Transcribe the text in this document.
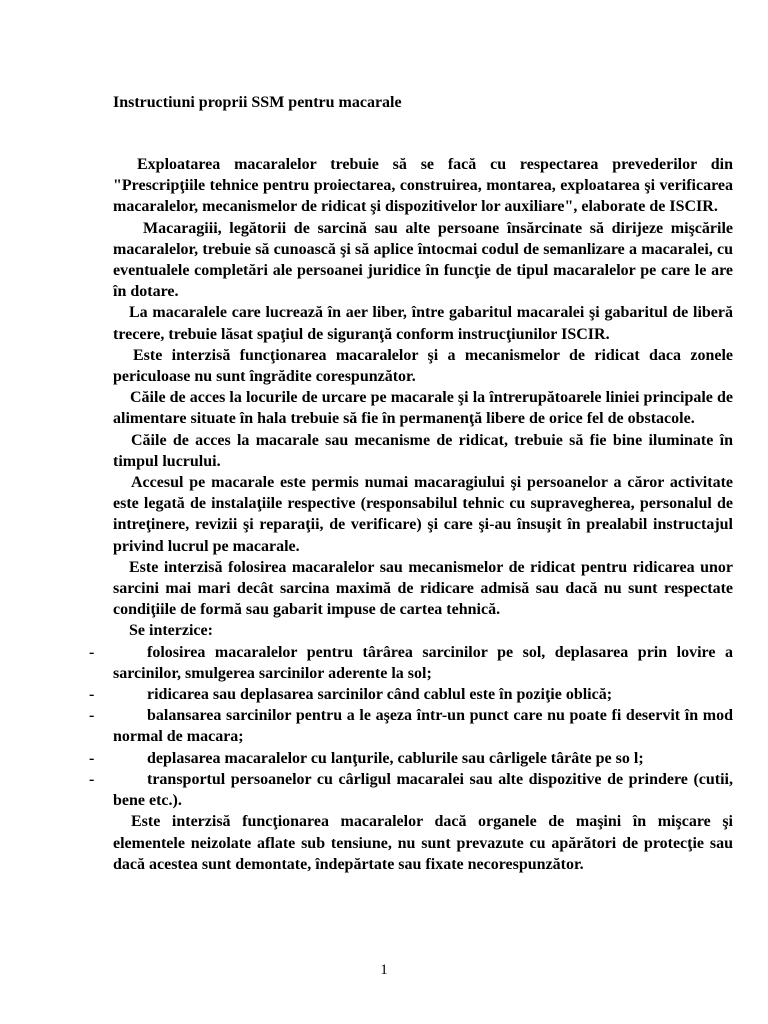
Instructiuni proprii SSM pentru macarale

Exploatarea macaralelor trebuie să se facă cu respectarea prevederilor din "Prescripţiile tehnice pentru proiectarea, construirea, montarea, exploatarea şi verificarea macaralelor, mecanismelor de ridicat şi dispozitivelor lor auxiliare", elaborate de ISCIR.

Macaragiii, legătorii de sarcină sau alte persoane însărcinate să dirijeze mişcările macaralelor, trebuie să cunoască şi să aplice întocmai codul de semanlizare a macaralei, cu eventualele completări ale persoanei juridice în funcţie de tipul macaralelor pe care le are în dotare.

La macaralele care lucrează în aer liber, între gabaritul macaralei şi gabaritul de liberă trecere, trebuie lăsat spaţiul de siguranţă conform instrucţiunilor ISCIR.

Este interzisă funcţionarea macaralelor şi a mecanismelor de ridicat daca zonele periculoase nu sunt îngrădite corespunzător.

Căile de acces la locurile de urcare pe macarale şi la întrerupătoarele liniei principale de alimentare situate în hala trebuie să fie în permanenţă libere de orice fel de obstacole.

Căile de acces la macarale sau mecanisme de ridicat, trebuie să fie bine iluminate în timpul lucrului.

Accesul pe macarale este permis numai macaragiului şi persoanelor a căror activitate este legată de instalaţiile respective (responsabilul tehnic cu supravegherea, personalul de intreţinere, revizii şi reparaţii, de verificare) şi care şi-au însuşit în prealabil instructajul privind lucrul pe macarale.

Este interzisă folosirea macaralelor sau mecanismelor de ridicat pentru ridicarea unor sarcini mai mari decât sarcina maximă de ridicare admisă sau dacă nu sunt respectate condiţiile de formă sau gabarit impuse de cartea tehnică.

Se interzice:

-	folosirea macaralelor pentru târârea sarcinilor pe sol, deplasarea prin lovire a sarcinilor, smulgerea sarcinilor aderente la sol;
-	ridicarea sau deplasarea sarcinilor când cablul este în poziţie oblică;
-	balansarea sarcinilor pentru a le aşeza într-un punct care nu poate fi deservit în mod normal de macara;
-	deplasarea macaralelor cu lanţurile, cablurile sau cârligele târâte pe so l;
-	transportul persoanelor cu cârligul macaralei sau alte dispozitive de prindere (cutii, bene etc.).

Este interzisă funcţionarea macaralelor dacă organele de maşini în mişcare şi elementele neizolate aflate sub tensiune, nu sunt prevazute cu apărători de protecţie sau dacă acestea sunt demontate, îndepărtate sau fixate necorespunzător.

1
